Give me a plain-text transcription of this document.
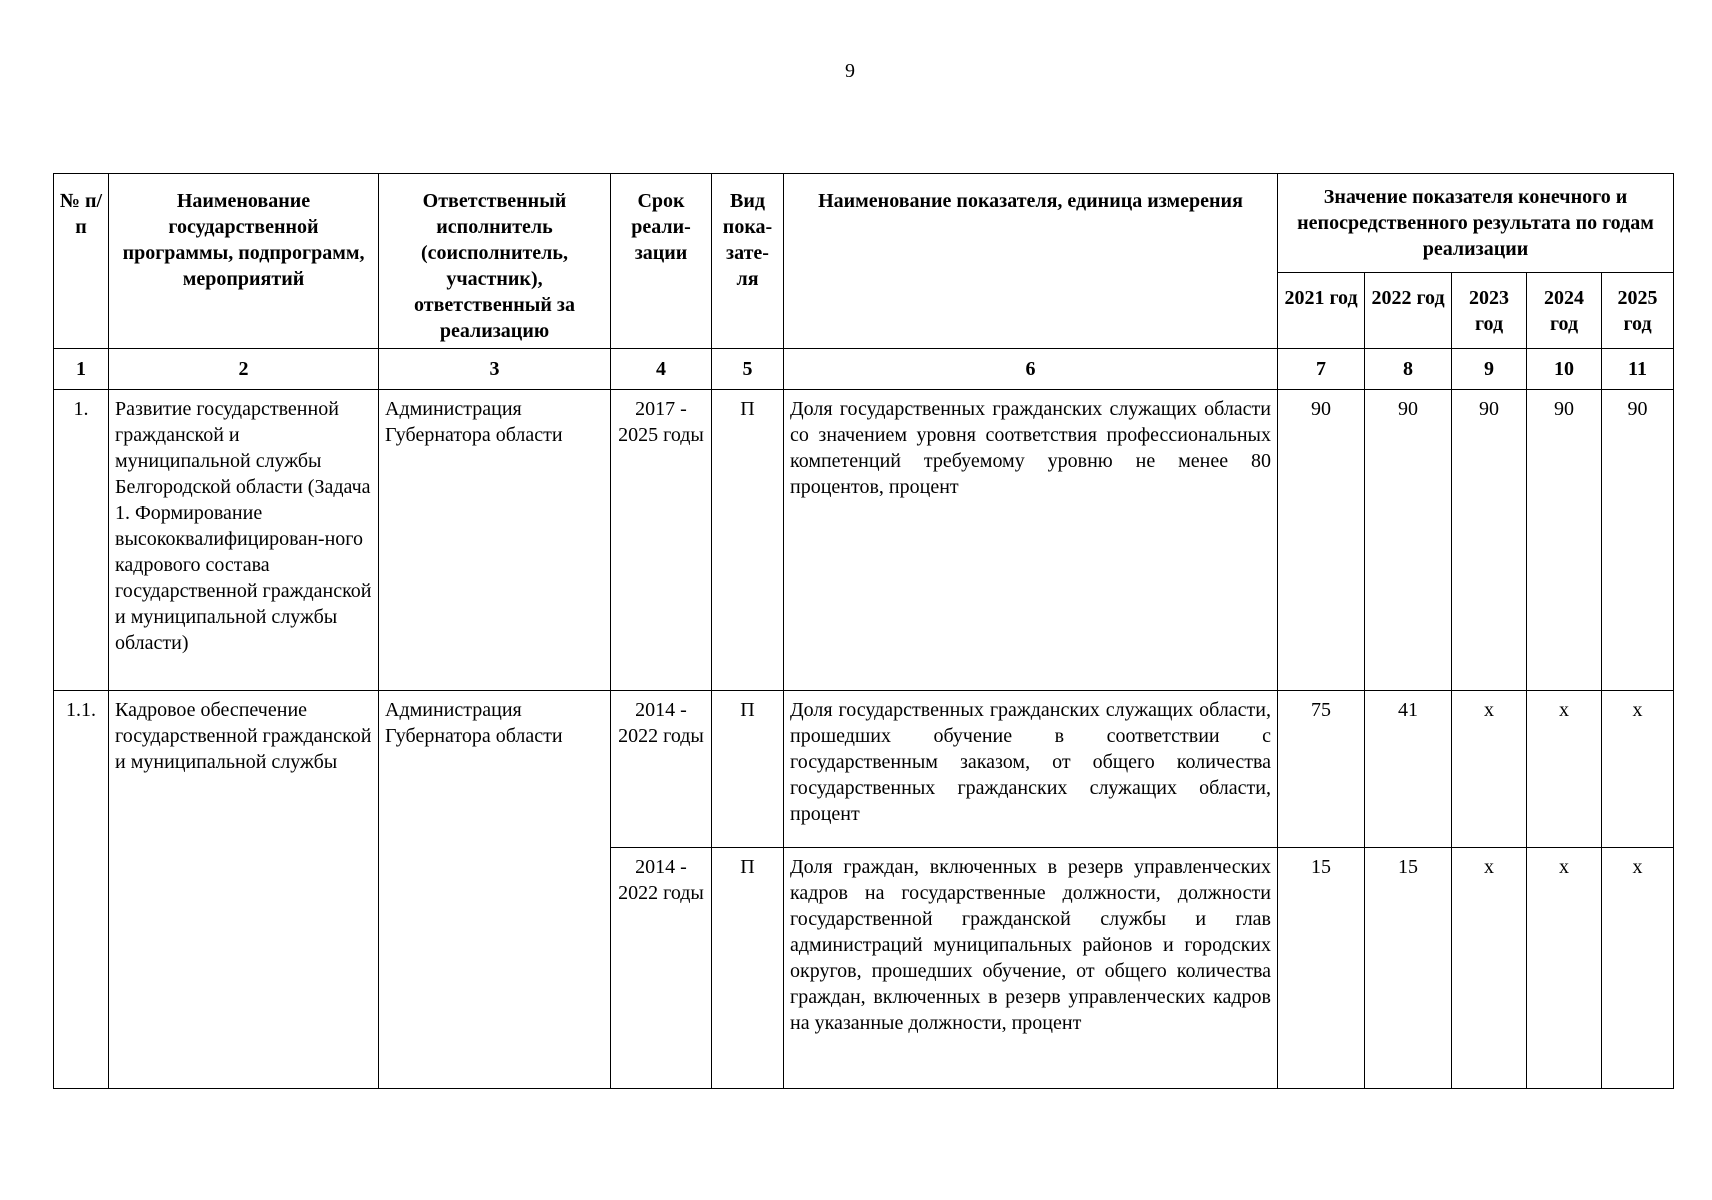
9
№ п/п	Наименование государственной программы, подпрограмм, мероприятий	Ответственный исполнитель (соисполнитель, участник), ответственный за реализацию	Срок реали-зации	Вид пока-зате-ля	Наименование показателя, единица измерения	Значение показателя конечного и непосредственного результата по годам реализации				
						2021 год	2022 год	2023 год	2024 год	2025 год
1	2	3	4	5	6	7	8	9	10	11
1.	Развитие государственной гражданской и муниципальной службы Белгородской области (Задача 1. Формирование высококвалифицирован-ного кадрового состава государственной гражданской и муниципальной службы области)	Администрация Губернатора области	2017 - 2025 годы	П	Доля государственных гражданских служащих области со значением уровня соответствия профессиональных компетенций требуемому уровню не менее 80 процентов, процент	90	90	90	90	90
1.1.	Кадровое обеспечение государственной гражданской и муниципальной службы	Администрация Губернатора области	2014 - 2022 годы	П	Доля государственных гражданских служащих области, прошедших обучение в соответствии с государственным заказом, от общего количества государственных гражданских служащих области, процент	75	41	x	x	x
			2014 - 2022 годы	П	Доля граждан, включенных в резерв управленческих кадров на государственные должности, должности государственной гражданской службы и глав администраций муниципальных районов и городских округов, прошедших обучение, от общего количества граждан, включенных в резерв управленческих кадров на указанные должности, процент	15	15	x	x	x
